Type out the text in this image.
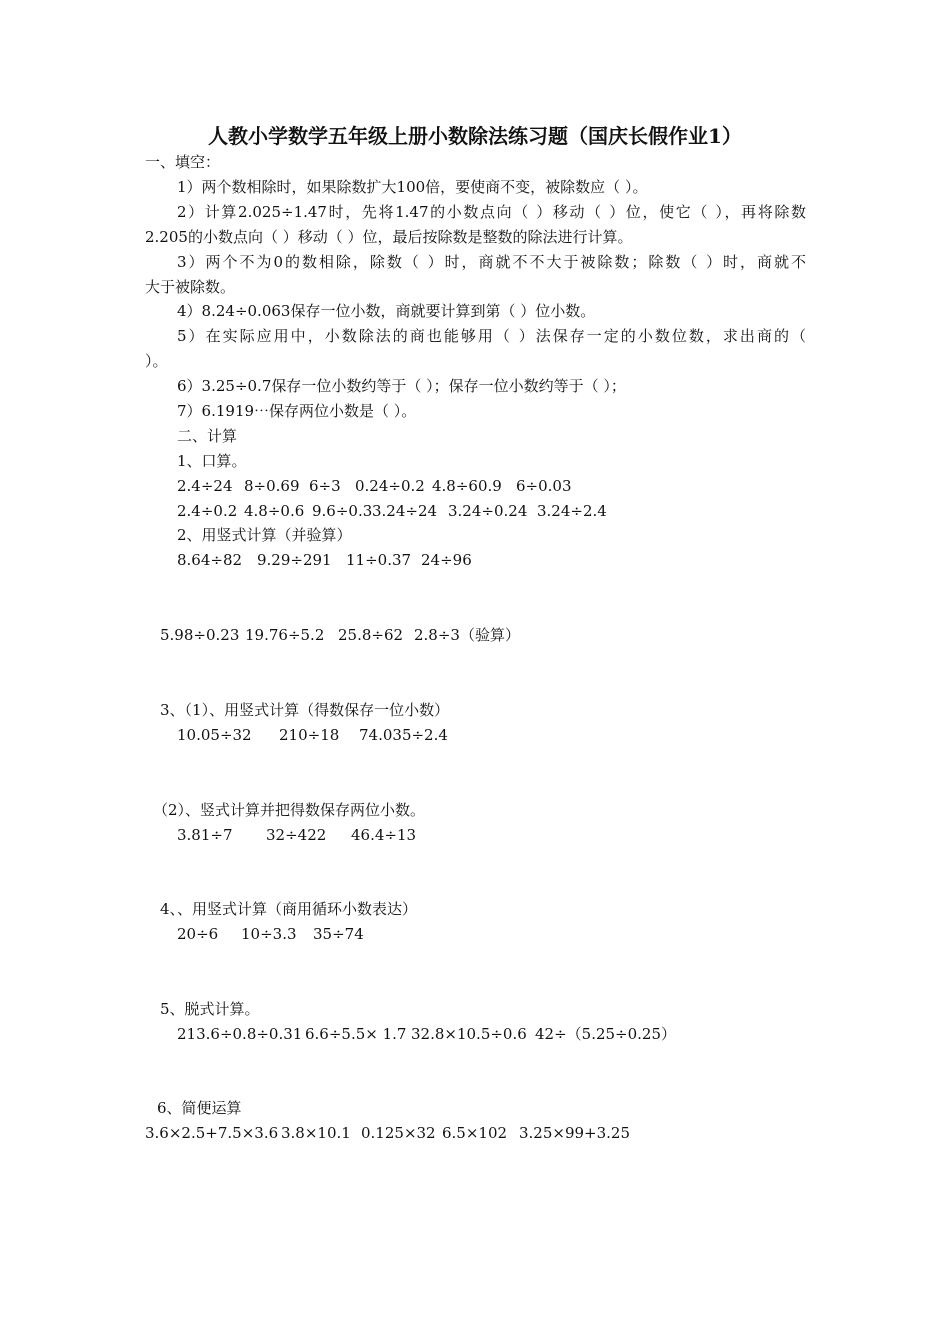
人教小学数学五年级上册小数除法练习题（国庆长假作业1）
一、填空：
1）两个数相除时，如果除数扩大100倍，要使商不变，被除数应（ ）。
2）计算2.025÷1.47时，先将1.47的小数点向（ ）移动（ ）位，使它（ ），再将除数
2.205的小数点向（ ）移动（ ）位，最后按除数是整数的除法进行计算。
3）两个不为0的数相除，除数（ ）时，商就不不大于被除数；除数（ ）时，商就不
大于被除数。
4）8.24÷0.063保存一位小数，商就要计算到第（ ）位小数。
5）在实际应用中，小数除法的商也能够用（ ）法保存一定的小数位数，求出商的（
）。
6）3.25÷0.7保存一位小数约等于（ ）；保存一位小数约等于（ ）；
7）6.1919⋯保存两位小数是（ ）。
二、计算
1、口算。
2.4÷24 8÷0.69 6÷3 0.24÷0.2 4.8÷60.9 6÷0.03
2.4÷0.2 4.8÷0.6 9.6÷0.3 3.24÷24 3.24÷0.24 3.24÷2.4
2、用竖式计算（并验算）
8.64÷82 9.29÷291 11÷0.37 24÷96
5.98÷0.23 19.76÷5.2 25.8÷62 2.8÷3（验算）
3、（1）、用竖式计算（得数保存一位小数）
10.05÷32 210÷18 74.035÷2.4
（2）、竖式计算并把得数保存两位小数。
3.81÷7 32÷422 46.4÷13
4、、用竖式计算（商用循环小数表达）
20÷6 10÷3.3 35÷74
5、脱式计算。
213.6÷0.8÷0.31 6.6÷5.5× 1.7 32.8×10.5÷0.6 42÷（5.25÷0.25）
6、简便运算
3.6×2.5+7.5×3.6 3.8×10.1 0.125×32 6.5×102 3.25×99+3.25
